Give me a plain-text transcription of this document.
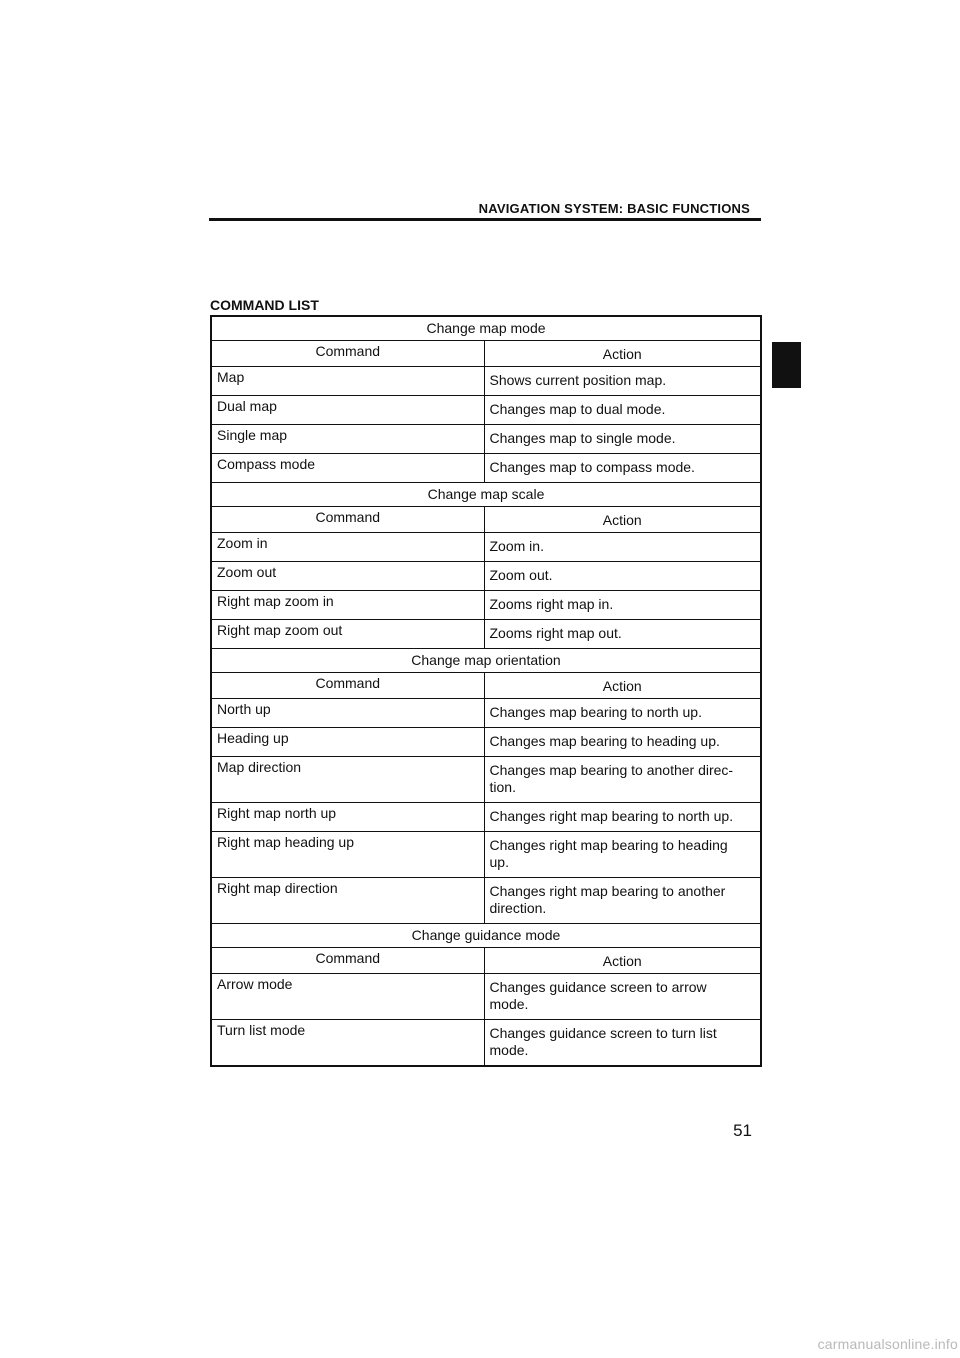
NAVIGATION SYSTEM: BASIC FUNCTIONS
COMMAND LIST
Change map mode	
Command	Action
Map	Shows current position map.
Dual map	Changes map to dual mode.
Single map	Changes map to single mode.
Compass mode	Changes map to compass mode.
Change map scale	
Command	Action
Zoom in	Zoom in.
Zoom out	Zoom out.
Right map zoom in	Zooms right map in.
Right map zoom out	Zooms right map out.
Change map orientation	
Command	Action
North up	Changes map bearing to north up.
Heading up	Changes map bearing to heading up.
Map direction	Changes map bearing to another direc-
tion.
Right map north up	Changes right map bearing to north up.
Right map heading up	Changes right map bearing to heading
up.
Right map direction	Changes right map bearing to another
direction.
Change guidance mode	
Command	Action
Arrow mode	Changes guidance screen to arrow
mode.
Turn list mode	Changes guidance screen to turn list
mode.
51
carmanualsonline.info
